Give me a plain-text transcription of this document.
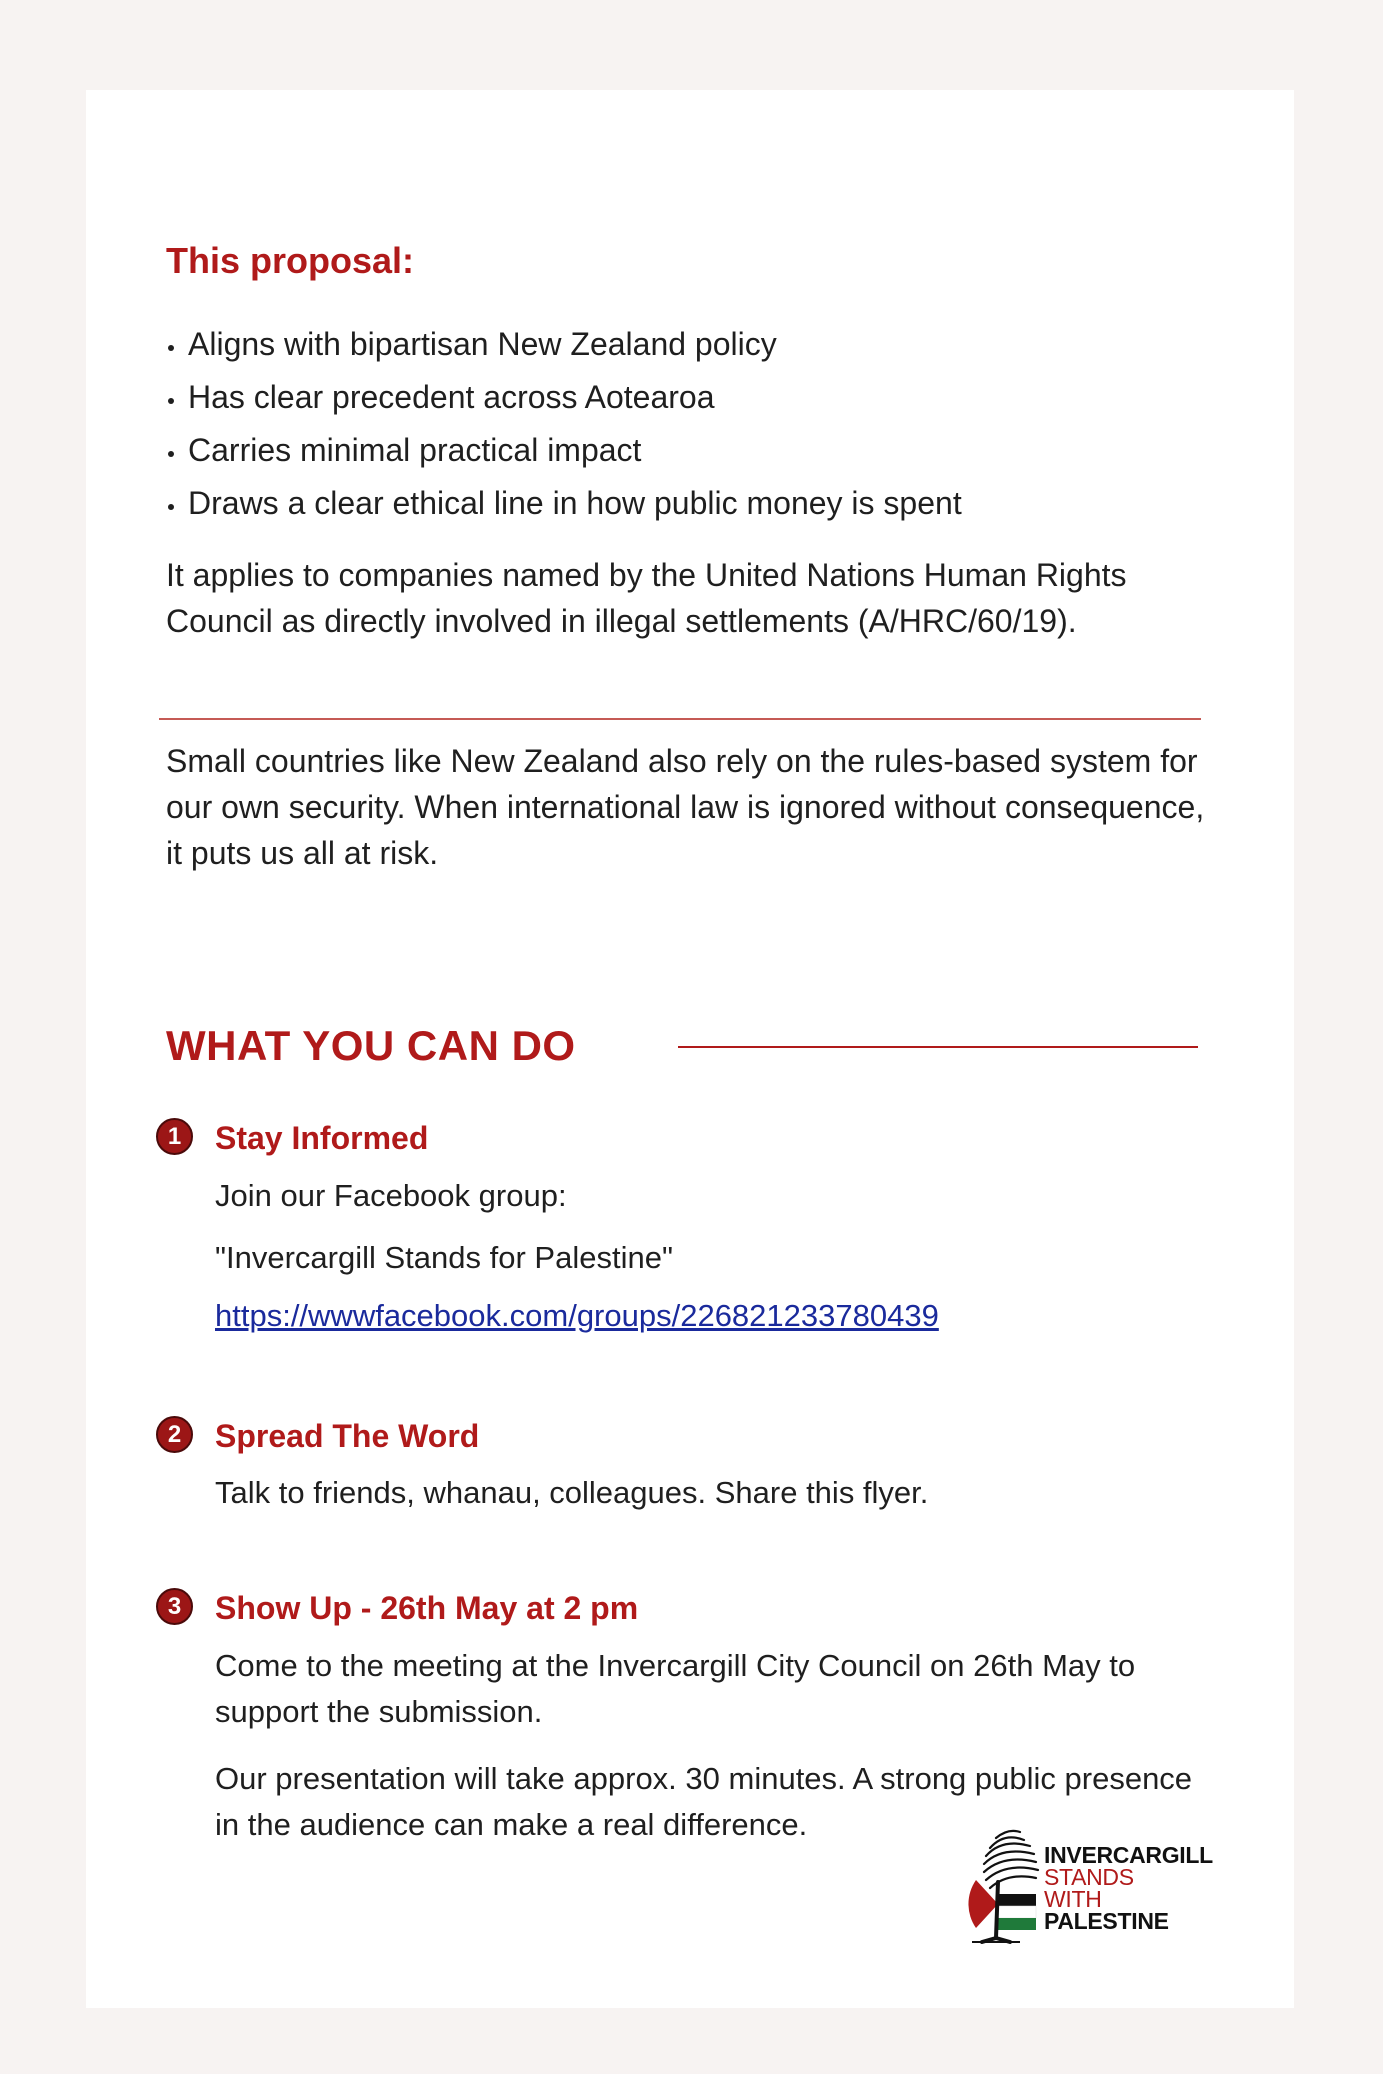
This proposal:
Aligns with bipartisan New Zealand policy
Has clear precedent across Aotearoa
Carries minimal practical impact
Draws a clear ethical line in how public money is spent

It applies to companies named by the United Nations Human Rights Council as directly involved in illegal settlements (A/HRC/60/19).

Small countries like New Zealand also rely on the rules-based system for our own security. When international law is ignored without consequence, it puts us all at risk.

WHAT YOU CAN DO
1	Stay Informed

Join our Facebook group:

"Invercargill Stands for Palestine"

https://wwwfacebook.com/groups/226821233780439
2	Spread The Word

Talk to friends, whanau, colleagues. Share this flyer.

3	Show Up - 26th May at 2 pm

Come to the meeting at the Invercargill City Council on 26th May to support the submission.

Our presentation will take approx. 30 minutes. A strong public presence in the audience can make a real difference.

INVERCARGILL
STANDS
WITH
PALESTINE
